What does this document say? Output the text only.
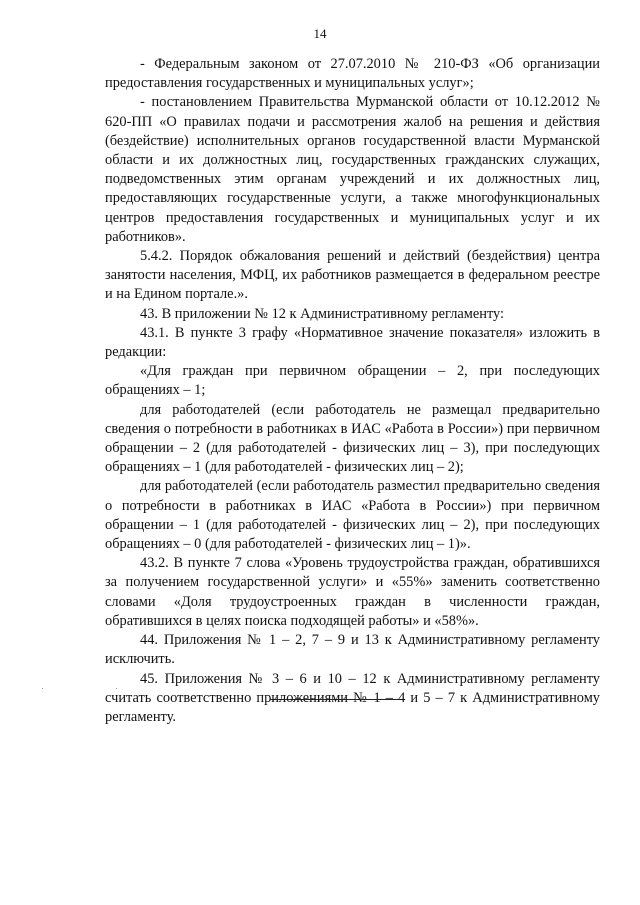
14

- Федеральным законом от 27.07.2010 № 210-ФЗ «Об организации предоставления государственных и муниципальных услуг»;

- постановлением Правительства Мурманской области от 10.12.2012 № 620-ПП «О правилах подачи и рассмотрения жалоб на решения и действия (бездействие) исполнительных органов государственной власти Мурманской области и их должностных лиц, государственных гражданских служащих, подведомственных этим органам учреждений и их должностных лиц, предоставляющих государственные услуги, а также многофункциональных центров предоставления государственных и муниципальных услуг и их работников».

5.4.2. Порядок обжалования решений и действий (бездействия) центра занятости населения, МФЦ, их работников размещается в федеральном реестре и на Едином портале.».

43. В приложении № 12 к Административному регламенту:

43.1. В пункте 3 графу «Нормативное значение показателя» изложить в редакции:

«Для граждан при первичном обращении – 2, при последующих обращениях – 1;

для работодателей (если работодатель не размещал предварительно сведения о потребности в работниках в ИАС «Работа в России») при первичном обращении – 2 (для работодателей - физических лиц – 3), при последующих обращениях – 1 (для работодателей - физических лиц – 2);

для работодателей (если работодатель разместил предварительно сведения о потребности в работниках в ИАС «Работа в России») при первичном обращении – 1 (для работодателей - физических лиц – 2), при последующих обращениях – 0 (для работодателей - физических лиц – 1)».

43.2. В пункте 7 слова «Уровень трудоустройства граждан, обратившихся за получением государственной услуги» и «55%» заменить соответственно словами «Доля трудоустроенных граждан в численности граждан, обратившихся в целях поиска подходящей работы» и «58%».

44. Приложения № 1 – 2, 7 – 9 и 13 к Административному регламенту исключить.

45. Приложения № 3 – 6 и 10 – 12 к Административному регламенту считать соответственно приложениями № 1 – 4 и 5 – 7 к Административному регламенту.
